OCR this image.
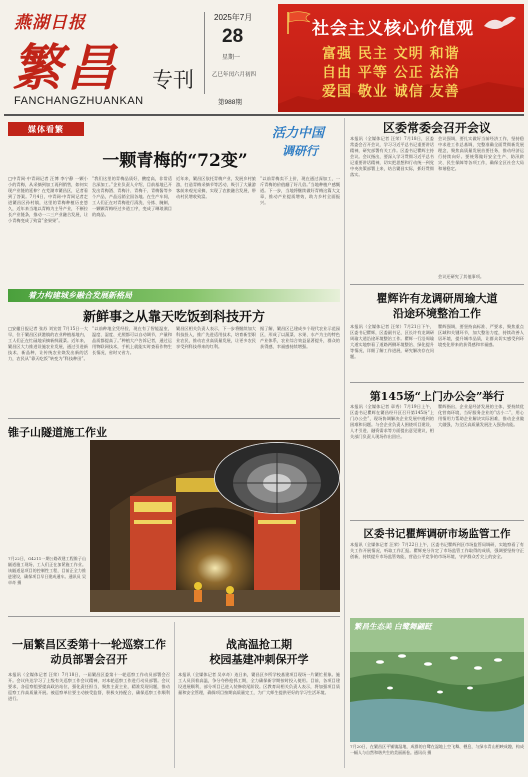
燕湖日报
繁昌 专刊
FANCHANGZHUANKAN
2025年7月
28
星期一
乙巳年闰六月初四
第988期
社会主义核心价值观
富强 民主 文明 和谐
自由 平等 公正 法治
爱国 敬业 诚信 友善
媒体看繁
一颗青梅的“72变”
活力中国
调研行
□中青网·中青网记者 汪博 李宁静 一颗小小的青梅，从采摘到加工再到销售，如何实现产业链的延伸？在芜湖市繁昌区，记者看到了答案。7月4日，中青网·中青网记者走进繁昌区孙村镇，这里的青梅种植历史悠久，近年来当地以青梅为主导产业，不断拉长产业链条，推动一二三产业融合发展，让小青梅变成了致富“金果果”。
“我们这里的青梅品质好，酸度高，非常适合深加工。”企业负责人介绍，目前基地已开发出青梅酒、青梅汁、青梅干、青梅酱等多个产品，产品远销全国各地。在生产车间，工人们正在对青梅进行清洗、分拣、腌制，一颗颗青梅经过多道工序，变成了琳琅满目的商品。
近年来，繁昌区依托青梅产业，发展乡村旅游，打造青梅采摘节等活动，吸引了大量游客前来观光采摘，实现了农旅融合发展，带动村民增收致富。
“以前青梅卖不上价，现在通过深加工，一斤青梅的价值翻了好几倍。”当地种植户感慨道。下一步，当地将继续做好青梅这篇大文章，推动产业提质增效，助力乡村全面振兴。
着力构建城乡融合发展新格局
新鲜事之从靠天吃饭到科技开方
□安徽日报记者 张苏 刘宣萱 7月15日一大早，位于繁昌区荻港镇的农业种植基地内，工人们正在忙碌地采摘新鲜蔬菜。近年来，繁昌区大力推进设施农业发展，通过引进新技术、新品种，让传统农业焕发出新的活力，农民从“靠天吃饭”转变为“科技种田”。
“以前种地全凭经验，现在有了智能温室，温度、湿度、光照都可以自动调节，产量和品质都提高了。”种植大户告诉记者，通过运用物联网技术，手机上就能实时查看作物生长情况，省时又省力。
繁昌区相关负责人表示，下一步将继续加大科技投入，推广先进适用技术，培育新型职业农民，推动农业高质量发展，让更多农民享受到科技带来的红利。
据了解，繁昌区已建成多个现代农业示范园区，形成了以蔬菜、水果、水产为主的特色产业体系，农业综合效益显著提升，群众的获得感、幸福感持续增强。
锥子山隧道施工作业
7月22日，G4211一期公路改建工程锥子山隧道施工现场，工人们正在加紧施工作业。该隧道是项目的控制性工程，目前正全力推进建设，确保项目早日建成通车。通讯员 吴卓奇 摄
一届繁昌区委第十一轮巡察工作
动员部署会召开
本报讯（全媒体记者 汪荣）7月18日，一届繁昌区委第十一轮巡察工作动员部署会召开。会议传达学习了上级有关巡察工作会议精神，对本轮巡察工作进行动员部署。会议要求，各巡察组要提高政治站位，强化责任担当，聚焦主责主业，精准发现问题，推动巡察工作高质量开展。被巡察单位要主动接受监督，积极支持配合，确保巡察工作顺利进行。
战高温抢工期
校园基建冲刺保开学
本报讯（全媒体记者 吴卓奇）连日来，繁昌区多所学校基建项目现场一片繁忙景象。施工人员顶着高温，争分夺秒抢抓工期，全力确保新学期按时投入使用。目前，各项目建设进展顺利，部分项目已进入装修收尾阶段。区教育局相关负责人表示，将加强项目质量和安全管理，确保项目按期高质量完工，为广大师生提供更好的学习生活环境。
区委常委会召开会议
本报讯（全媒体记者 汪荣）7月18日，区委常委会召开会议，学习习近平总书记重要讲话精神，研究部署有关工作。区委书记瞿辉主持会议。会议指出，要深入学习贯彻习近平总书记重要讲话精神，切实把思想和行动统一到党中央决策部署上来，结合繁昌实际，抓好贯彻落实。
会议强调，要扎实做好当前经济工作，坚持稳中求进工作总基调，完整准确全面贯彻新发展理念，聚焦高质量发展首要任务，推动经济运行持续向好。要统筹做好安全生产、防汛救灾、民生保障等各项工作，确保全区社会大局和谐稳定。
会议还研究了其他事项。
瞿辉许有龙调研周瑜大道
沿途环境整治工作
本报讯（全媒体记者 汪荣）7月21日下午，区委书记瞿辉，区委副书记、区长许有龙调研周瑜大道沿途环境整治工作。瞿辉一行沿周瑜大道实地察看了道路两侧环境整治、绿化提升等情况，详细了解工作进展，研究解决存在问题。
瞿辉强调，要坚持高标准、严要求，聚焦重点区域和关键环节，加大整治力度，持续改善人居环境，提升城市品质，让群众切实感受到环境变化带来的获得感和幸福感。
第145场“上门办公会”举行
本报讯（全媒体记者 章秀）7月19日上午，区委书记瞿辉在繁昌经开区召开第145场“上门办公会”，现场协调解决企业发展中遇到的困难和问题。与会企业负责人围绕项目建设、人才引进、融资需求等方面提出意见建议，相关部门负责人现场作出回应。
瞿辉指出，企业是经济发展的主体，要持续优化营商环境，当好服务企业的“店小二”，用心用情用力帮助企业解决实际困难，推动企业做大做强，为全区高质量发展注入强劲动能。
区委书记瞿辉调研市场监管工作
本报讯（全媒体记者 汪荣）7月22日上午，区委书记瞿辉到区市场监管局调研，实地察看了有关工作开展情况，听取工作汇报。瞿辉充分肯定了市场监管工作取得的成绩，强调要坚持守正创新，持续提升市场监管效能，营造公平竞争的市场环境，守护群众舌尖上的安全。
繁昌生态美 白鹭舞翩跹
7月20日，在繁昌区平铺镇湿地，成群的白鹭在湿地上空飞舞、栖息，与绿水青山相映成趣，构成一幅人与自然和谐共生的美丽画卷。通讯员 摄
